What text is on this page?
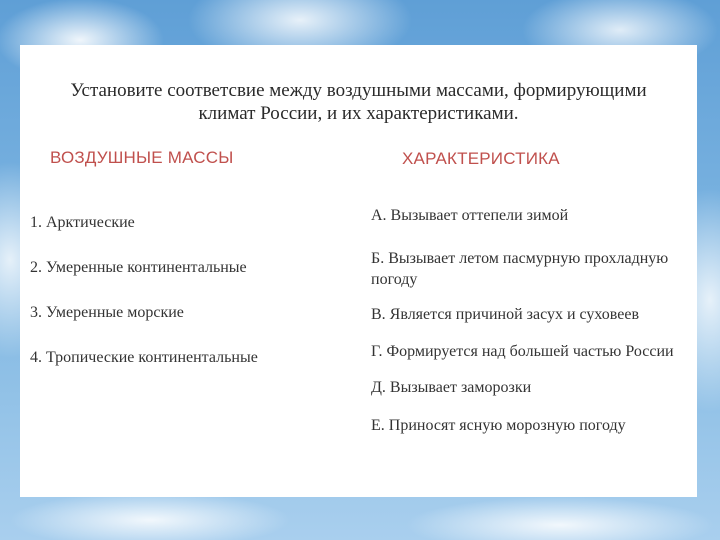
Установите соответсвие между воздушными массами, формирующими
климат России, и их характеристиками.
ВОЗДУШНЫЕ МАССЫ	ХАРАКТЕРИСТИКА
1. Арктические
2. Умеренные континентальные
3. Умеренные морские
4. Тропические континентальные
А. Вызывает оттепели зимой
Б. Вызывает летом пасмурную прохладную погоду
В. Является причиной засух и суховеев
Г. Формируется над большей частью России
Д. Вызывает заморозки
Е. Приносят ясную морозную погоду
